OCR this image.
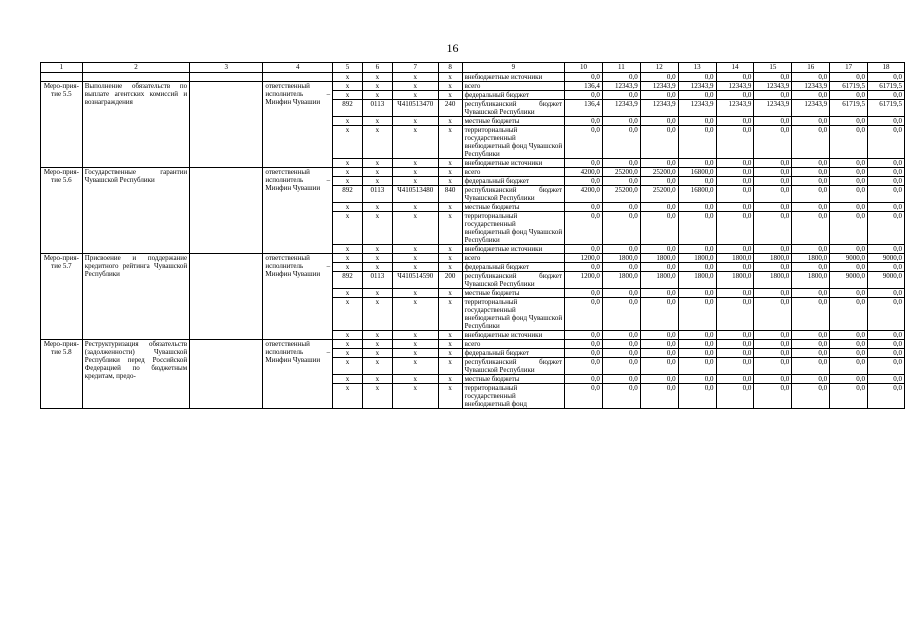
16
1	2	3	4	5	6	7	8	9	10	11	12	13	14	15	16	17	18
				x	x	x	x	внебюджетные источники	0,0	0,0	0,0	0,0	0,0	0,0	0,0	0,0	0,0
Меро-прия-тие 5.5	Выполнение обязательств по выплате агентских комиссий и вознаграждения		ответственный исполнитель – Минфин Чувашии	x	x	x	x	всего	136,4	12343,9	12343,9	12343,9	12343,9	12343,9	12343,9	61719,5	61719,5
				x	x	x	x	федеральный бюджет	0,0	0,0	0,0	0,0	0,0	0,0	0,0	0,0	0,0
				892	0113	Ч410513470	240	республиканский бюджет Чувашской Республики	136,4	12343,9	12343,9	12343,9	12343,9	12343,9	12343,9	61719,5	61719,5
				x	x	x	x	местные бюджеты	0,0	0,0	0,0	0,0	0,0	0,0	0,0	0,0	0,0
				x	x	x	x	территориальный государственный внебюджетный фонд Чувашской Республики	0,0	0,0	0,0	0,0	0,0	0,0	0,0	0,0	0,0
				x	x	x	x	внебюджетные источники	0,0	0,0	0,0	0,0	0,0	0,0	0,0	0,0	0,0
Меро-прия-тие 5.6	Государственные гарантии Чувашской Республики		ответственный исполнитель – Минфин Чувашии	x	x	x	x	всего	4200,0	25200,0	25200,0	16800,0	0,0	0,0	0,0	0,0	0,0
				x	x	x	x	федеральный бюджет	0,0	0,0	0,0	0,0	0,0	0,0	0,0	0,0	0,0
				892	0113	Ч410513480	840	республиканский бюджет Чувашской Республики	4200,0	25200,0	25200,0	16800,0	0,0	0,0	0,0	0,0	0,0
				x	x	x	x	местные бюджеты	0,0	0,0	0,0	0,0	0,0	0,0	0,0	0,0	0,0
				x	x	x	x	территориальный государственный внебюджетный фонд Чувашской Республики	0,0	0,0	0,0	0,0	0,0	0,0	0,0	0,0	0,0
				x	x	x	x	внебюджетные источники	0,0	0,0	0,0	0,0	0,0	0,0	0,0	0,0	0,0
Меро-прия-тие 5.7	Присвоение и поддержание кредитного рейтинга Чувашской Республики		ответственный исполнитель – Минфин Чувашии	x	x	x	x	всего	1200,0	1800,0	1800,0	1800,0	1800,0	1800,0	1800,0	9000,0	9000,0
				x	x	x	x	федеральный бюджет	0,0	0,0	0,0	0,0	0,0	0,0	0,0	0,0	0,0
				892	0113	Ч410514590	200	республиканский бюджет Чувашской Республики	1200,0	1800,0	1800,0	1800,0	1800,0	1800,0	1800,0	9000,0	9000,0
				x	x	x	x	местные бюджеты	0,0	0,0	0,0	0,0	0,0	0,0	0,0	0,0	0,0
				x	x	x	x	территориальный государственный внебюджетный фонд Чувашской Республики	0,0	0,0	0,0	0,0	0,0	0,0	0,0	0,0	0,0
				x	x	x	x	внебюджетные источники	0,0	0,0	0,0	0,0	0,0	0,0	0,0	0,0	0,0
Меро-прия-тие 5.8	Реструктуризация обязательств (задолженности) Чувашской Республики перед Российской Федерацией по бюджетным кредитам, предо-		ответственный исполнитель – Минфин Чувашии	x	x	x	x	всего	0,0	0,0	0,0	0,0	0,0	0,0	0,0	0,0	0,0
				x	x	x	x	федеральный бюджет	0,0	0,0	0,0	0,0	0,0	0,0	0,0	0,0	0,0
				x	x	x	x	республиканский бюджет Чувашской Республики	0,0	0,0	0,0	0,0	0,0	0,0	0,0	0,0	0,0
				x	x	x	x	местные бюджеты	0,0	0,0	0,0	0,0	0,0	0,0	0,0	0,0	0,0
				x	x	x	x	территориальный государственный внебюджетный фонд	0,0	0,0	0,0	0,0	0,0	0,0	0,0	0,0	0,0
